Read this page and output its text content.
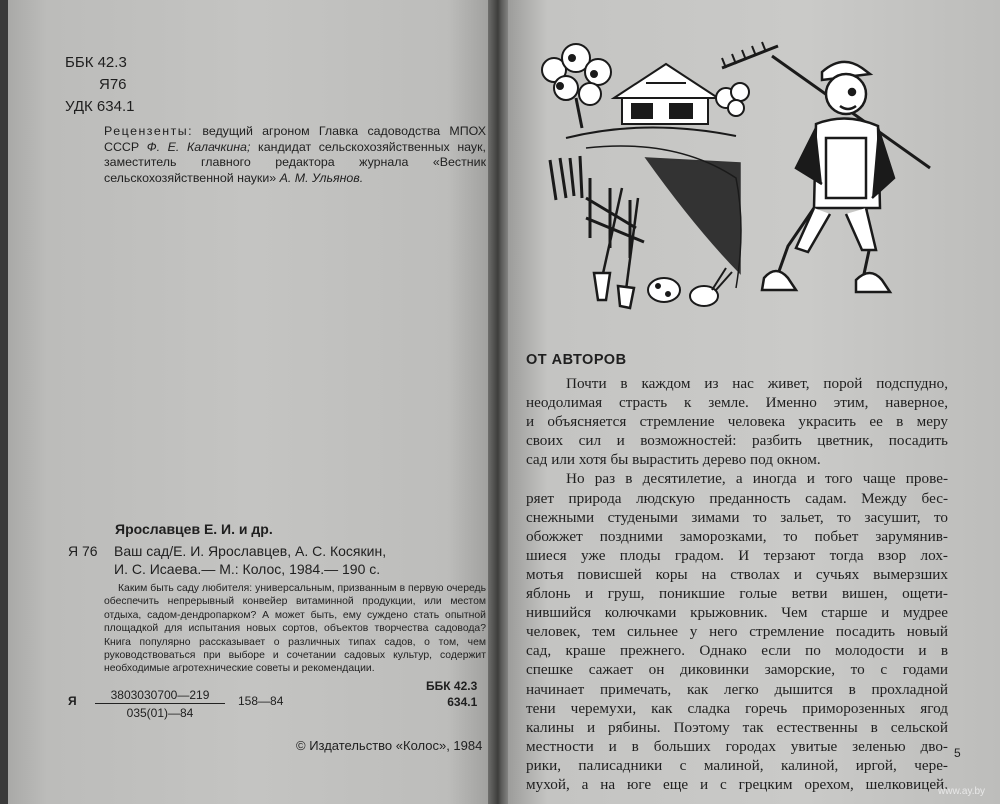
ББК 42.3
Я76
УДК 634.1
Рецензенты: ведущий агроном Главка садоводства МПОХ СССР Ф. Е. Калачкина; кандидат сельскохозяйственных наук, заместитель главного редактора журнала «Вестник сельскохозяйственной науки» А. М. Ульянов.
Ярославцев Е. И. и др.
Я 76 Ваш сад/Е. И. Ярославцев, А. С. Косякин,
И. С. Исаева.— М.: Колос, 1984.— 190 с.
Каким быть саду любителя: универсальным, призванным в первую очередь обеспечить непрерывный конвейер витаминной продукции, или местом отдыха, садом-дендропарком? А может быть, ему суждено стать опытной площадкой для испытания новых сортов, объектов творчества садовода? Книга популярно рассказывает о различных типах садов, о том, чем руководствоваться при выборе и сочетании садовых культур, содержит необходимые агротехнические советы и рекомендации.
Я $\frac{3803030700—219}{035(01)—84}$ 158—84
ББК 42.3
634.1
© Издательство «Колос», 1984
ОТ АВТОРОВ
Почти в каждом из нас живет, порой подспудно,
неодолимая страсть к земле. Именно этим, наверное,
и объясняется стремление человека украсить ее в меру
своих сил и возможностей: разбить цветник, посадить
сад или хотя бы вырастить дерево под окном.
Но раз в десятилетие, а иногда и того чаще прове-
ряет природа людскую преданность садам. Между бес-
снежными студеными зимами то зальет, то засушит, то
обожжет поздними заморозками, то побьет зарумянив-
шиеся уже плоды градом. И терзают тогда взор лох-
мотья повисшей коры на стволах и сучьях вымерзших
яблонь и груш, поникшие голые ветви вишен, ощети-
нившийся колючками крыжовник. Чем старше и мудрее
человек, тем сильнее у него стремление посадить новый
сад, краше прежнего. Однако если по молодости и в
спешке сажает он диковинки заморские, то с годами
начинает примечать, как легко дышится в прохладной
тени черемухи, как сладка горечь приморозенных ягод
калины и рябины. Поэтому так естественны в сельской
местности и в больших городах увитые зеленью дво-
рики, палисадники с малиной, калиной, иргой, чере-
мухой, а на юге еще и с грецким орехом, шелковицей.
5
www.ay.by
